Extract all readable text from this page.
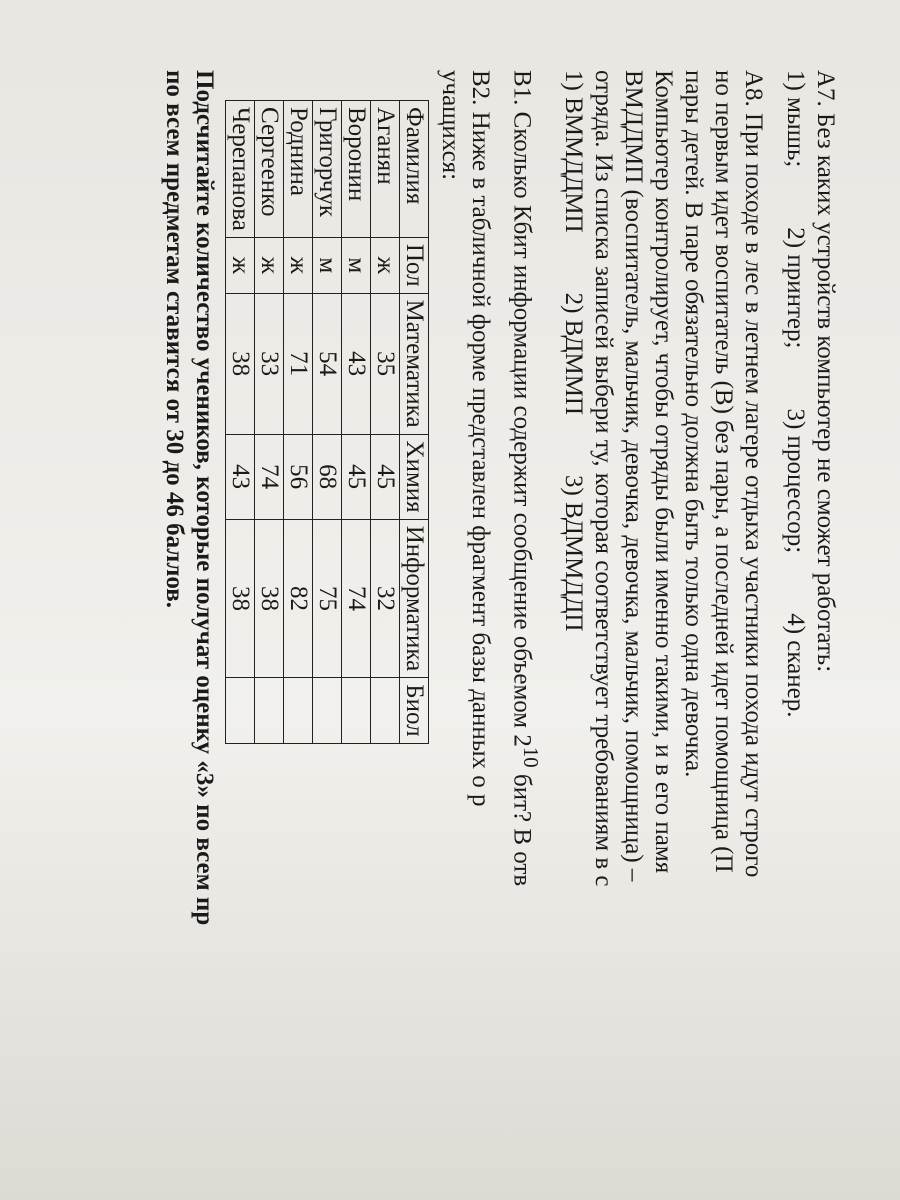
А7. Без каких устройств компьютер не сможет работать:
1) мышь;
2) принтер;
3) процессор;
4) сканер.
А8. При походе в лес в летнем лагере отдыха участники похода идут строго
но первым идет воспитатель (В) без пары, а последней идет помощница (П
пары детей. В паре обязательно должна быть только одна девочка.
Компьютер контролирует, чтобы отряды были именно такими, и в его памя
ВМДДМП (воспитатель, мальчик, девочка, девочка, мальчик, помощница) –
отряда. Из списка записей выбери ту, которая соответствует требованиям в с
1) ВММДДМП
2) ВДММП
3) ВДММДДП
В1. Сколько Кбит информации содержит сообщение объемом $2^{10}$ бит? В отв
В2. Ниже в табличной форме представлен фрагмент базы данных о р
учащихся:
Фамилия	Пол	Математика	Химия	Информатика	Биол
Аганян	ж	35	45	32	
Воронин	м	43	45	74	
Григорчук	м	54	68	75	
Роднина	ж	71	56	82	
Сергеенко	ж	33	74	38	
Черепанова	ж	38	43	38	
Подсчитайте количество учеников, которые получат оценку «3» по всем пр
по всем предметам ставится от 30 до 46 баллов.
